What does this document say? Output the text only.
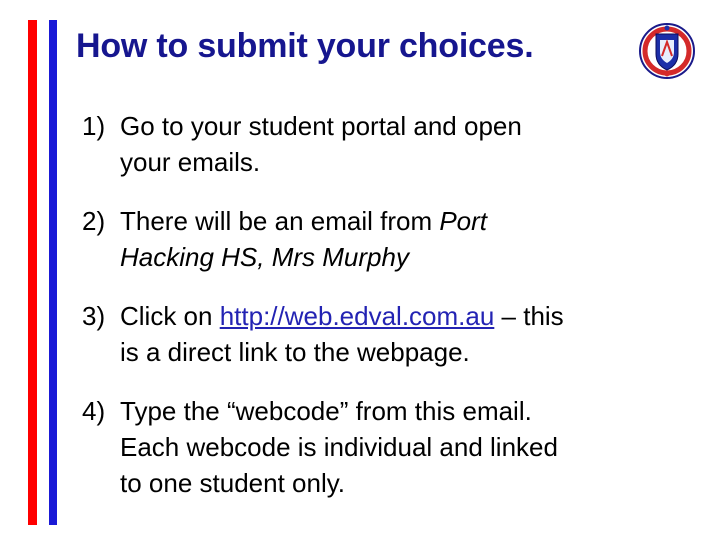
How to submit your choices.
1) Go to your student portal and open
your emails.
2) There will be an email from Port
Hacking HS, Mrs Murphy
3) Click on http://web.edval.com.au – this
is a direct link to the webpage.
4) Type the “webcode” from this email.
Each webcode is individual and linked
to one student only.
